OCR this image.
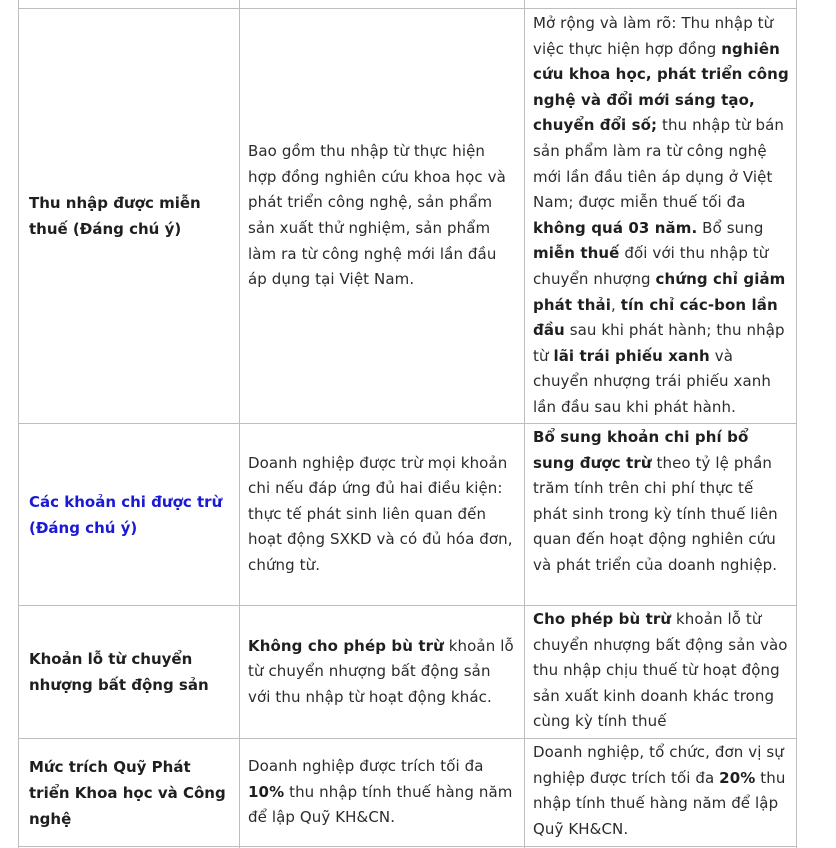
Thu nhập được miễn thuế (Đáng chú ý)
Bao gồm thu nhập từ thực hiện hợp đồng nghiên cứu khoa học và phát triển công nghệ, sản phẩm sản xuất thử nghiệm, sản phẩm làm ra từ công nghệ mới lần đầu áp dụng tại Việt Nam.
Mở rộng và làm rõ: Thu nhập từ việc thực hiện hợp đồng nghiên cứu khoa học, phát triển công nghệ và đổi mới sáng tạo, chuyển đổi số; thu nhập từ bán sản phẩm làm ra từ công nghệ mới lần đầu tiên áp dụng ở Việt Nam; được miễn thuế tối đa không quá 03 năm. Bổ sung miễn thuế đối với thu nhập từ chuyển nhượng chứng chỉ giảm phát thải, tín chỉ các-bon lần đầu sau khi phát hành; thu nhập từ lãi trái phiếu xanh và chuyển nhượng trái phiếu xanh lần đầu sau khi phát hành.
Các khoản chi được trừ (Đáng chú ý)
Doanh nghiệp được trừ mọi khoản chi nếu đáp ứng đủ hai điều kiện: thực tế phát sinh liên quan đến hoạt động SXKD và có đủ hóa đơn, chứng từ.
Bổ sung khoản chi phí bổ sung được trừ theo tỷ lệ phần trăm tính trên chi phí thực tế phát sinh trong kỳ tính thuế liên quan đến hoạt động nghiên cứu và phát triển của doanh nghiệp.
Khoản lỗ từ chuyển nhượng bất động sản
Không cho phép bù trừ khoản lỗ từ chuyển nhượng bất động sản với thu nhập từ hoạt động khác.
Cho phép bù trừ khoản lỗ từ chuyển nhượng bất động sản vào thu nhập chịu thuế từ hoạt động sản xuất kinh doanh khác trong cùng kỳ tính thuế
Mức trích Quỹ Phát triển Khoa học và Công nghệ
Doanh nghiệp được trích tối đa 10% thu nhập tính thuế hàng năm để lập Quỹ KH&CN.
Doanh nghiệp, tổ chức, đơn vị sự nghiệp được trích tối đa 20% thu nhập tính thuế hàng năm để lập Quỹ KH&CN.
